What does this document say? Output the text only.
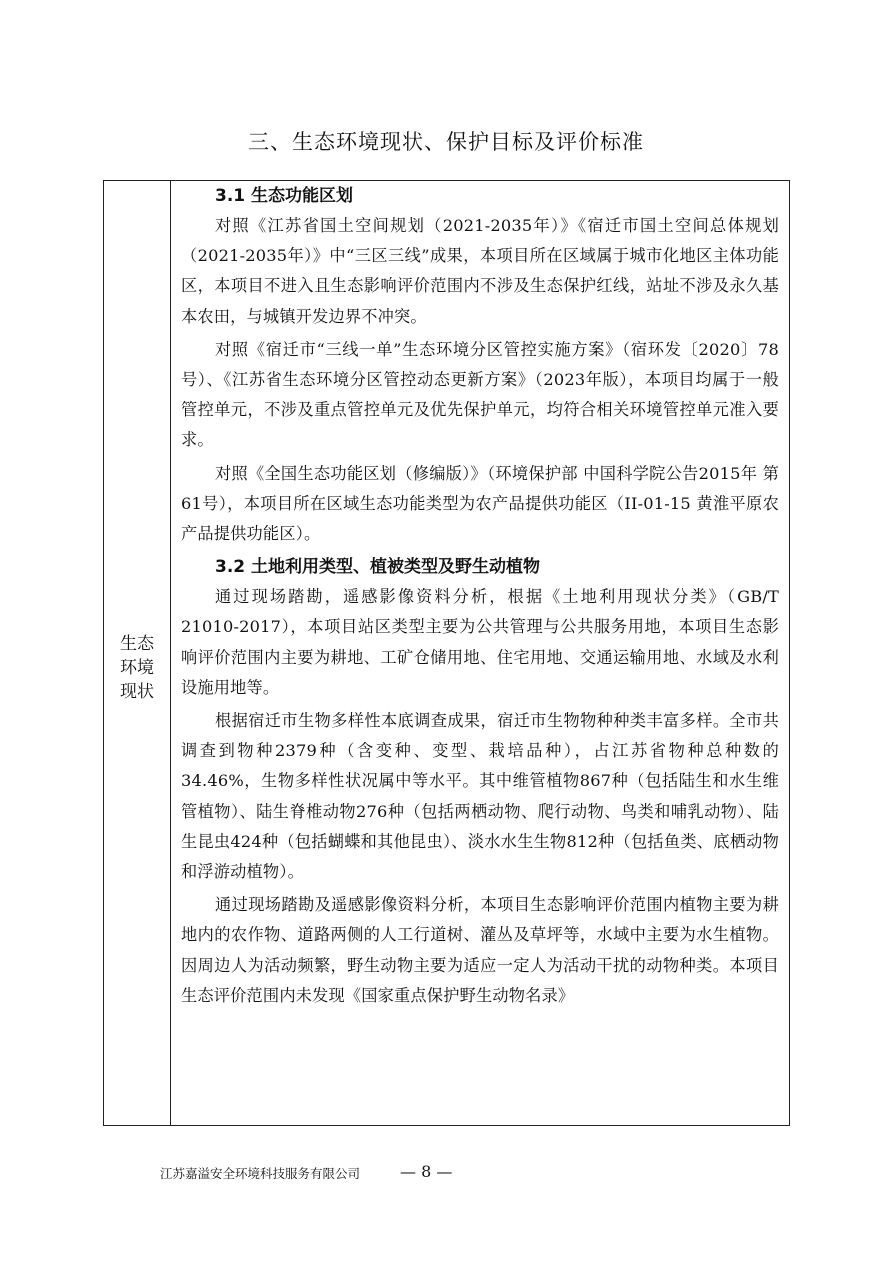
三、生态环境现状、保护目标及评价标准
生态环境现状
3.1 生态功能区划

对照《江苏省国土空间规划（2021-2035年）》《宿迁市国土空间总体规划（2021-2035年）》中“三区三线”成果，本项目所在区域属于城市化地区主体功能区，本项目不进入且生态影响评价范围内不涉及生态保护红线，站址不涉及永久基本农田，与城镇开发边界不冲突。

对照《宿迁市“三线一单”生态环境分区管控实施方案》（宿环发〔2020〕78号）、《江苏省生态环境分区管控动态更新方案》（2023年版），本项目均属于一般管控单元，不涉及重点管控单元及优先保护单元，均符合相关环境管控单元准入要求。

对照《全国生态功能区划（修编版）》（环境保护部 中国科学院公告2015年 第61号），本项目所在区域生态功能类型为农产品提供功能区（II-01-15 黄淮平原农产品提供功能区）。

3.2 土地利用类型、植被类型及野生动植物

通过现场踏勘，遥感影像资料分析，根据《土地利用现状分类》（GB/T 21010-2017），本项目站区类型主要为公共管理与公共服务用地，本项目生态影响评价范围内主要为耕地、工矿仓储用地、住宅用地、交通运输用地、水域及水利设施用地等。

根据宿迁市生物多样性本底调查成果，宿迁市生物物种种类丰富多样。全市共调查到物种2379种（含变种、变型、栽培品种），占江苏省物种总种数的34.46%，生物多样性状况属中等水平。其中维管植物867种（包括陆生和水生维管植物）、陆生脊椎动物276种（包括两栖动物、爬行动物、鸟类和哺乳动物）、陆生昆虫424种（包括蝴蝶和其他昆虫）、淡水水生生物812种（包括鱼类、底栖动物和浮游动植物）。

通过现场踏勘及遥感影像资料分析，本项目生态影响评价范围内植物主要为耕地内的农作物、道路两侧的人工行道树、灌丛及草坪等，水域中主要为水生植物。因周边人为活动频繁，野生动物主要为适应一定人为活动干扰的动物种类。本项目生态评价范围内未发现《国家重点保护野生动物名录》

江苏嘉溢安全环境科技服务有限公司 — 8 —
